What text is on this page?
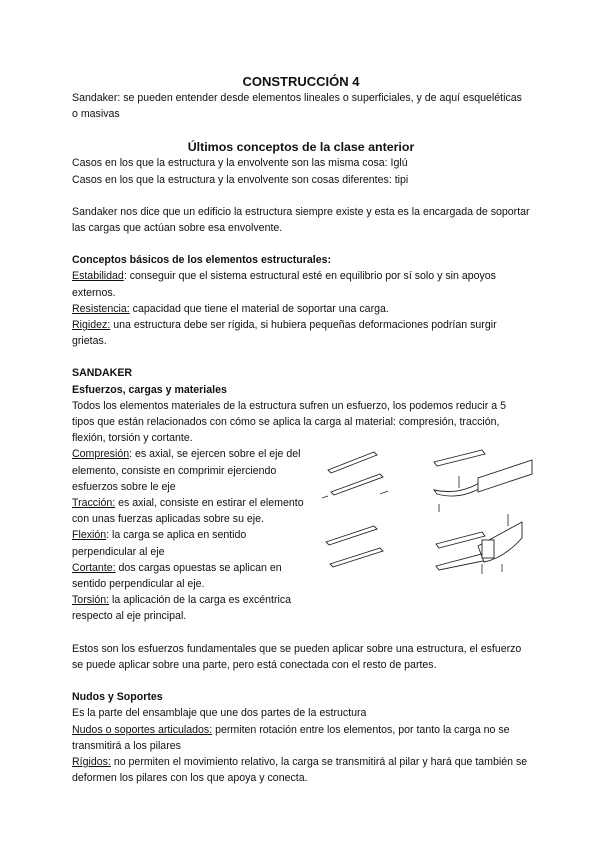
CONSTRUCCIÓN 4

Sandaker: se pueden entender desde elementos lineales o superficiales, y de aquí esqueléticas o masivas

Últimos conceptos de la clase anterior

Casos en los que la estructura y la envolvente son las misma cosa: Iglú

Casos en los que la estructura y la envolvente son cosas diferentes: tipi

Sandaker nos dice que un edificio la estructura siempre existe y esta es la encargada de soportar las cargas que actúan sobre esa envolvente.

Conceptos básicos de los elementos estructurales:

Estabilidad: conseguir que el sistema estructural esté en equilibrio por sí solo y sin apoyos externos.

Resistencia: capacidad que tiene el material de soportar una carga.

Rigidez: una estructura debe ser rígida, si hubiera pequeñas deformaciones podrían surgir grietas.

SANDAKER

Esfuerzos, cargas y materiales

Todos los elementos materiales de la estructura sufren un esfuerzo, los podemos reducir a 5 tipos que están relacionados con cómo se aplica la carga al material: compresión, tracción, flexión, torsión y cortante.

Compresión: es axial, se ejercen sobre el eje del elemento, consiste en comprimir ejerciendo esfuerzos sobre le eje

Tracción: es axial, consiste en estirar el elemento con unas fuerzas aplicadas sobre su eje.

Flexión: la carga se aplica en sentido perpendicular al eje

Cortante: dos cargas opuestas se aplican en sentido perpendicular al eje.

Torsión: la aplicación de la carga es excéntrica respecto al eje principal.

Estos son los esfuerzos fundamentales que se pueden aplicar sobre una estructura, el esfuerzo se puede aplicar sobre una parte, pero está conectada con el resto de partes.

Nudos y Soportes

Es la parte del ensamblaje que une dos partes de la estructura

Nudos o soportes articulados: permiten rotación entre los elementos, por tanto la carga no se transmitirá a los pilares

Rígidos: no permiten el movimiento relativo, la carga se transmitirá al pilar y hará que también se deformen los pilares con los que apoya y conecta.
